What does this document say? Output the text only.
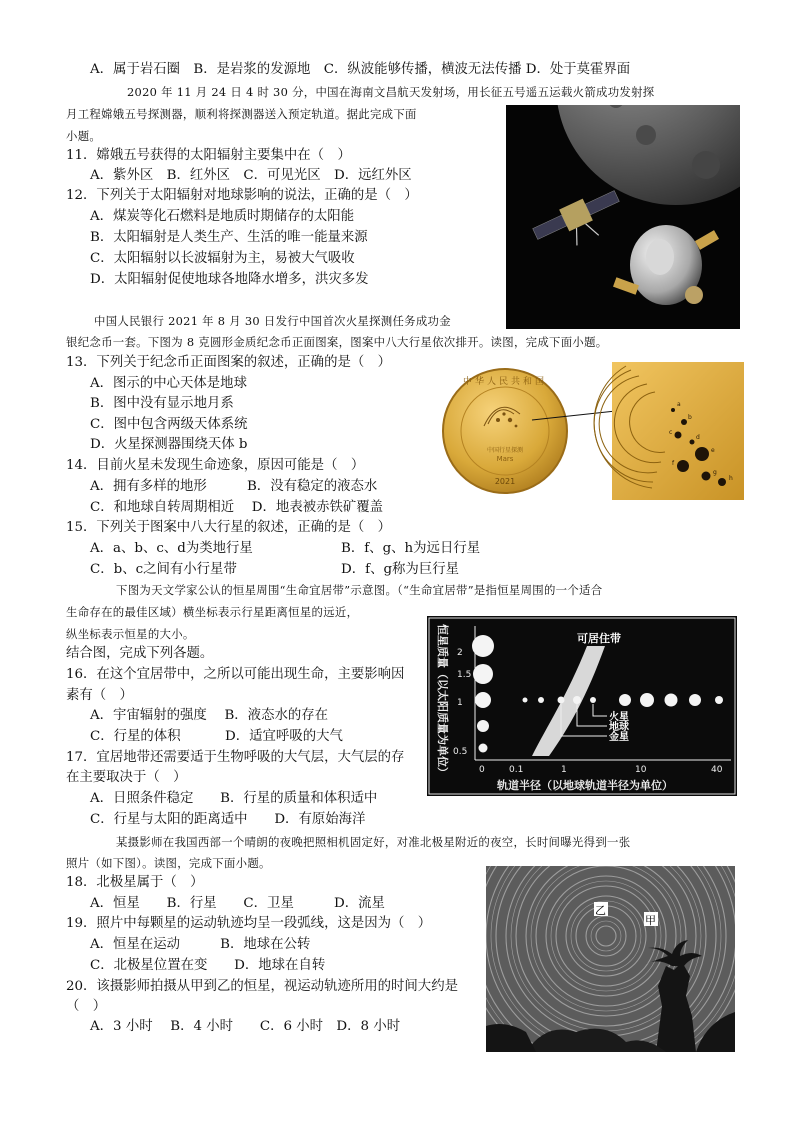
A．属于岩石圈　B．是岩浆的发源地　C．纵波能够传播，横波无法传播 D．处于莫霍界面
2020 年 11 月 24 日 4 时 30 分，中国在海南文昌航天发射场，用长征五号遥五运载火箭成功发射探
月工程嫦娥五号探测器，顺利将探测器送入预定轨道。据此完成下面
小题。
11．嫦娥五号获得的太阳辐射主要集中在（　）
A．紫外区　B．红外区　C．可见光区　D．远红外区
12．下列关于太阳辐射对地球影响的说法，正确的是（　）
A．煤炭等化石燃料是地质时期储存的太阳能
B．太阳辐射是人类生产、生活的唯一能量来源
C．太阳辐射以长波辐射为主，易被大气吸收
D．太阳辐射促使地球各地降水增多，洪灾多发
中国人民银行 2021 年 8 月 30 日发行中国首次火星探测任务成功金
银纪念币一套。下图为 8 克圆形金质纪念币正面图案，图案中八大行星依次排开。读图，完成下面小题。
13．下列关于纪念币正面图案的叙述，正确的是（　）
A．图示的中心天体是地球
B．图中没有显示地月系
C．图中包含两级天体系统
D．火星探测器围绕天体 b
中华人民共和国
中国行星探测
Mars
2021
a
b
c
d
e
f
g
h
14．目前火星未发现生命迹象，原因可能是（　）
A．拥有多样的地形　　　B．没有稳定的液态水
C．和地球自转周期相近　 D．地表被赤铁矿覆盖
15．下列关于图案中八大行星的叙述，正确的是（　）
A．a、b、c、d为类地行星	B．f、g、h为远日行星
C．b、c之间有小行星带	D．f、g称为巨行星
下图为天文学家公认的恒星周围“生命宜居带”示意图。（“生命宜居带”是指恒星周围的一个适合
生命存在的最佳区域）横坐标表示行星距离恒星的远近，
纵坐标表示恒星的大小。
结合图，完成下列各题。
16．在这个宜居带中，之所以可能出现生命，主要影响因
素有（　）
A．宇宙辐射的强度　 B．液态水的存在
C．行星的体积　　　 D．适宜呼吸的大气
17．宜居地带还需要适于生物呼吸的大气层，大气层的存
在主要取决于（　）
A．日照条件稳定　　B．行星的质量和体积适中
C．行星与太阳的距离适中　　D．有原始海洋
恒星质量（以太阳质量为单位） 2
1.5
1
0.5
0	0.1	1	10	40
可居住带
火星
地球
金星
轨道半径（以地球轨道半径为单位）
某摄影师在我国西部一个晴朗的夜晚把照相机固定好，对准北极星附近的夜空，长时间曝光得到一张
照片（如下图）。读图，完成下面小题。
18．北极星属于（　）
A．恒星　　B．行星　　C．卫星　　　D．流星
19．照片中每颗星的运动轨迹均呈一段弧线，这是因为（　）
A．恒星在运动　　　B．地球在公转
C．北极星位置在变　　D．地球在自转
20．该摄影师拍摄从甲到乙的恒星，视运动轨迹所用的时间大约是
（　）
A．3 小时　 B．4 小时　　C．6 小时　D．8 小时
乙
甲
